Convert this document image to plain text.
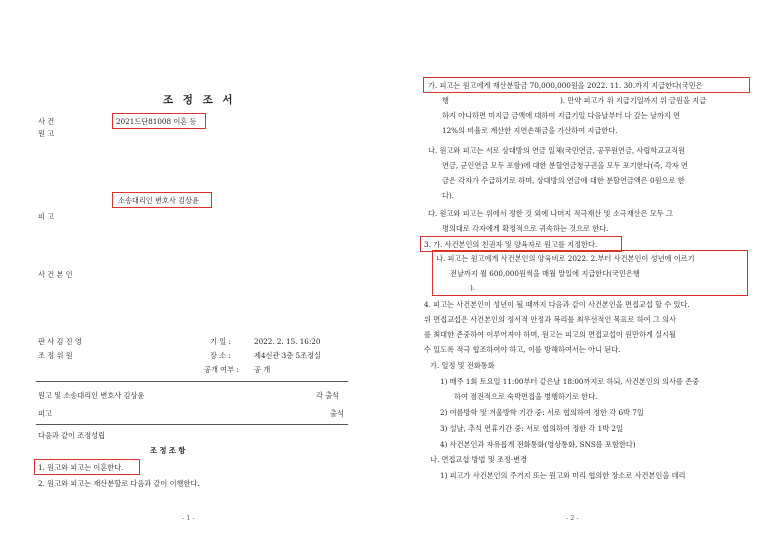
조 정 조 서
사 건	2021드단81008 이혼 등
원 고
소송대리인 변호사 김상윤
피 고
사 건 본 인
판 사 김 진 영	기 일 :	2022. 2. 15. 16:20
조 정 위 원	장 소 :	제4신관 3층 5조정실
공개 여부 : 공 개
원고 및 소송대리인 변호사 김상윤	각 출석
피고	출석
다음과 같이 조정성립
조 정 조 항
1. 원고와 피고는 이혼한다.
2. 원고와 피고는 재산분할로 다음과 같이 이행한다.
- 1 -
가. 피고는 원고에게 재산분할금 70,000,000원을 2022. 11. 30.까지 지급한다(국민은
행	). 만약 피고가 위 지급기일까지 위 금원을 지급
하지 아니하면 미지급 금액에 대하여 지급기일 다음날부터 다 갚는 날까지 연
12%의 비율로 계산한 지연손해금을 가산하여 지급한다.
나. 원고와 피고는 서로 상대방의 연금 일체(국민연금, 공무원연금, 사립학교교직원
연금, 군인연금 모두 포함)에 대한 분할연금청구권을 모두 포기한다(즉, 각자 연
금은 각자가 수급하기로 하며, 상대방의 연금에 대한 분할연금액은 0원으로 한
다).
다. 원고와 피고는 위에서 정한 것 외에 나머지 적극재산 및 소극재산은 모두 그
명의대로 각자에게 확정적으로 귀속하는 것으로 한다.
3. 가. 사건본인의 친권자 및 양육자로 원고를 지정한다.
나. 피고는 원고에게 사건본인의 양육비로 2022. 2.부터 사건본인이 성년에 이르기
전날까지 월 600,000원씩을 매월 말일에 지급한다(국민은행
).
4. 피고는 사건본인이 성년이 될 때까지 다음과 같이 사건본인을 면접교섭 할 수 있다.
위 면접교섭은 사건본인의 정서적 안정과 복리를 최우선적인 목표로 하여 그 의사
를 최대한 존중하여 이루어져야 하며, 원고는 피고의 면접교섭이 원만하게 실시될
수 있도록 적극 협조하여야 하고, 이를 방해하여서는 아니 된다.
가. 일정 및 전화통화
1) 매주 1회 토요일 11:00부터 같은날 18:00까지로 하되, 사건본인의 의사를 존중
하여 점진적으로 숙박면접을 병행하기로 한다.
2) 여름방학 및 겨울방학 기간 중: 서로 협의하여 정한 각 6박 7일
3) 설날, 추석 연휴기간 중: 서로 협의하여 정한 각 1박 2일
4) 사건본인과 자유롭게 전화통화(영상통화, SNS를 포함한다)
나. 면접교섭 방법 및 조정·변경
1) 피고가 사건본인의 주거지 또는 원고와 미리 협의한 장소로 사건본인을 데리
- 2 -
